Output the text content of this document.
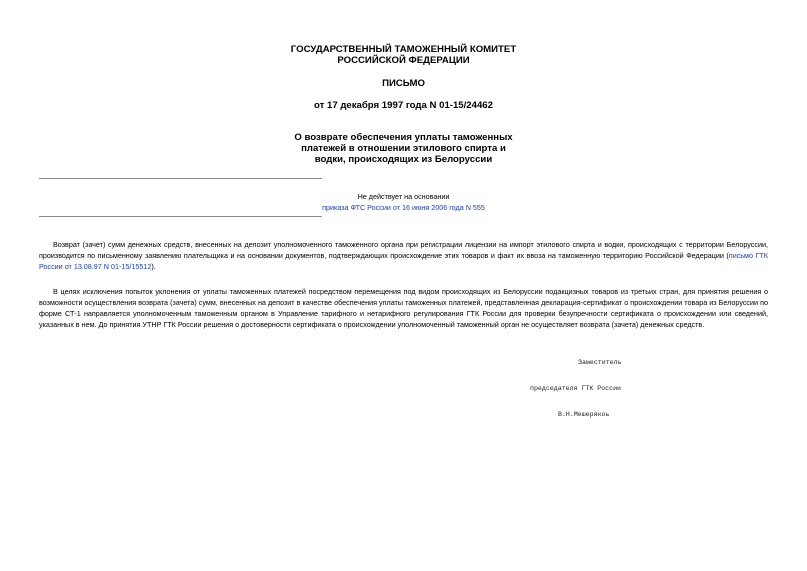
ГОСУДАРСТВЕННЫЙ ТАМОЖЕННЫЙ КОМИТЕТ
РОССИЙСКОЙ ФЕДЕРАЦИИ
ПИСЬМО
от 17 декабря 1997 года N 01-15/24462
О возврате обеспечения уплаты таможенных
платежей в отношении этилового спирта и
водки, происходящих из Белоруссии
Не действует на основании
приказа ФТС России от 16 июня 2006 года N 555

Возврат (зачет) сумм денежных средств, внесенных на депозит уполномоченного таможенного органа при регистрации лицензии на импорт этилового спирта и водки, происходящих с территории Белоруссии, производится по письменному заявлению плательщика и на основании документов, подтверждающих происхождение этих товаров и факт их ввоза на таможенную территорию Российской Федерации (письмо ГТК России от 13.08.97 N 01-15/15512).

В целях исключения попыток уклонения от уплаты таможенных платежей посредством перемещения под видом происходящих из Белоруссии подакцизных товаров из третьих стран, для принятия решения о возможности осуществления возврата (зачета) сумм, внесенных на депозит в качестве обеспечения уплаты таможенных платежей, представленная декларация-сертификат о происхождении товара из Белоруссии по форме СТ-1 направляется уполномоченным таможенным органом в Управление тарифного и нетарифного регулирования ГТК России для проверки безупречности сертификата о происхождении или сведений, указанных в нем. До принятия УТНР ГТК России решения о достоверности сертификата о происхождении уполномоченный таможенный орган не осуществляет возврата (зачета) денежных средств.

Заместитель

председателя ГТК России

В.Н.Мешерякоь
